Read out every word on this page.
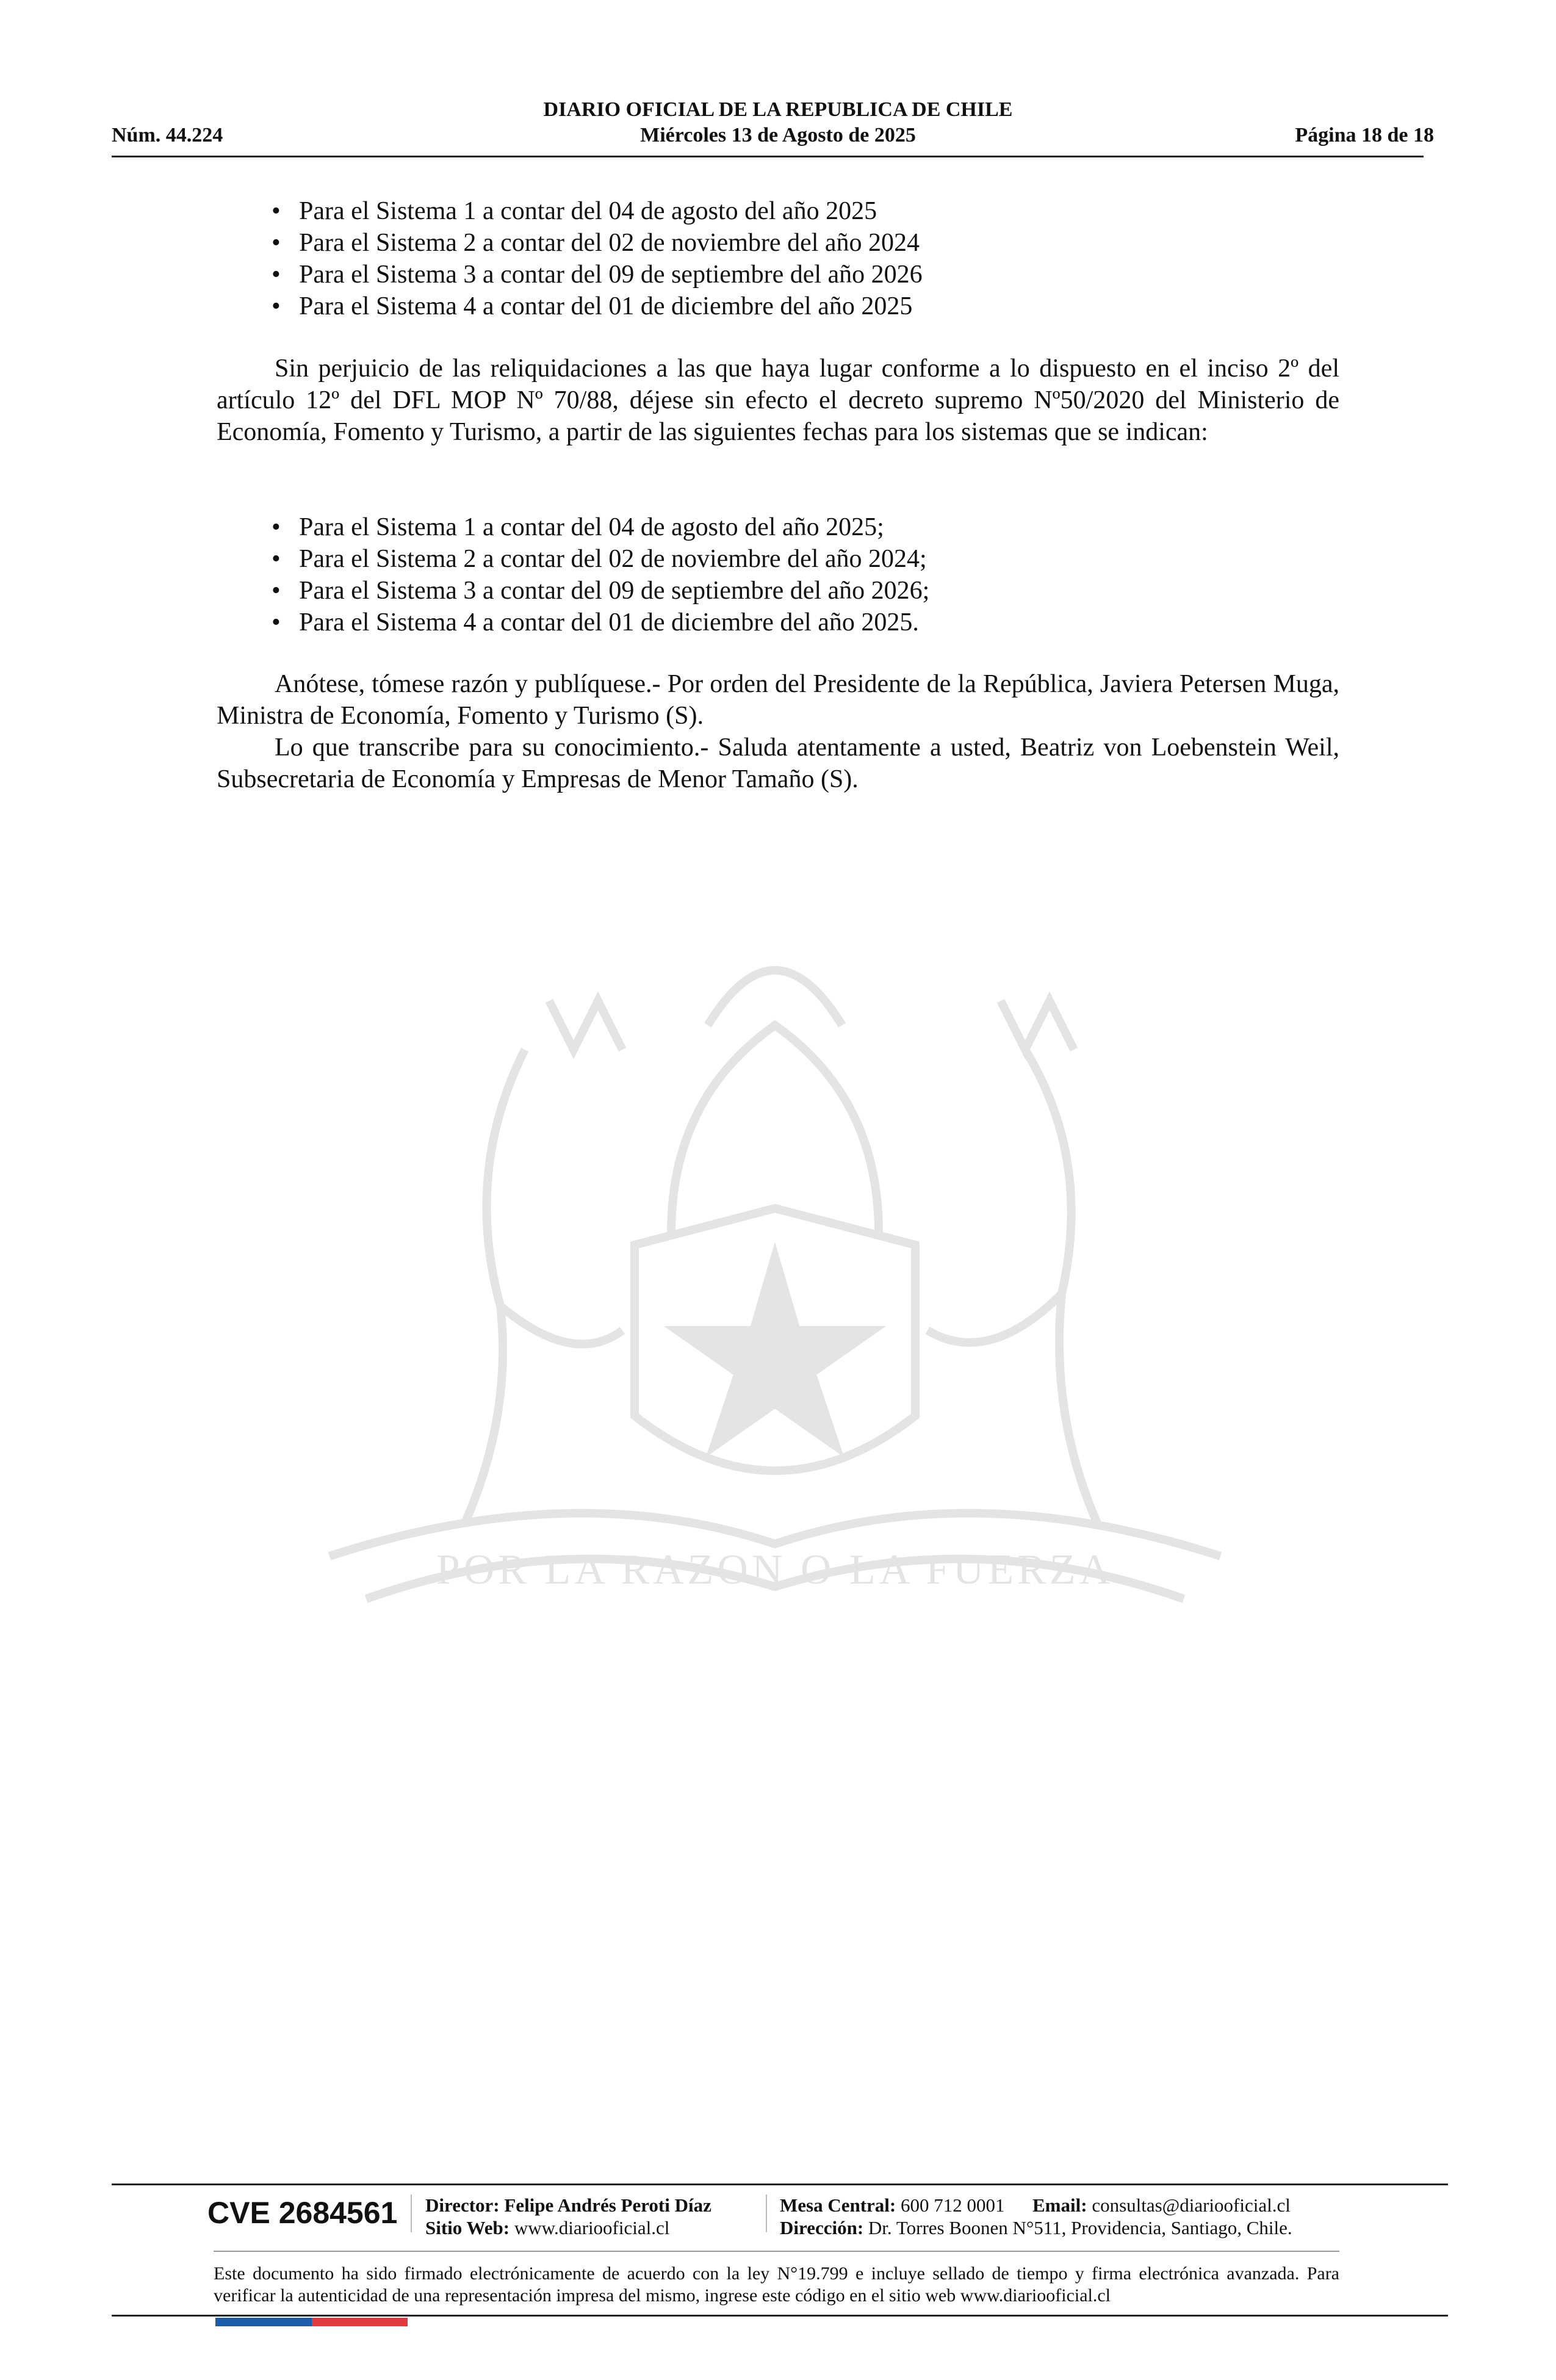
DIARIO OFICIAL DE LA REPUBLICA DE CHILE
Núm. 44.224	Miércoles 13 de Agosto de 2025	Página 18 de 18
POR LA RAZON O LA FUERZA
• Para el Sistema 1 a contar del 04 de agosto del año 2025
• Para el Sistema 2 a contar del 02 de noviembre del año 2024
• Para el Sistema 3 a contar del 09 de septiembre del año 2026
• Para el Sistema 4 a contar del 01 de diciembre del año 2025

Sin perjuicio de las reliquidaciones a las que haya lugar conforme a lo dispuesto en el inciso 2º del artículo 12º del DFL MOP Nº 70/88, déjese sin efecto el decreto supremo Nº50/2020 del Ministerio de Economía, Fomento y Turismo, a partir de las siguientes fechas para los sistemas que se indican:

• Para el Sistema 1 a contar del 04 de agosto del año 2025;
• Para el Sistema 2 a contar del 02 de noviembre del año 2024;
• Para el Sistema 3 a contar del 09 de septiembre del año 2026;
• Para el Sistema 4 a contar del 01 de diciembre del año 2025.

Anótese, tómese razón y publíquese.- Por orden del Presidente de la República, Javiera Petersen Muga, Ministra de Economía, Fomento y Turismo (S).

Lo que transcribe para su conocimiento.- Saluda atentamente a usted, Beatriz von Loebenstein Weil, Subsecretaria de Economía y Empresas de Menor Tamaño (S).

CVE 2684561 Director: Felipe Andrés Peroti Díaz
Sitio Web: www.diariooficial.cl
Mesa Central: 600 712 0001 Email: consultas@diariooficial.cl
Dirección: Dr. Torres Boonen N°511, Providencia, Santiago, Chile.

Este documento ha sido firmado electrónicamente de acuerdo con la ley N°19.799 e incluye sellado de tiempo y firma electrónica avanzada. Para verificar la autenticidad de una representación impresa del mismo, ingrese este código en el sitio web www.diariooficial.cl
